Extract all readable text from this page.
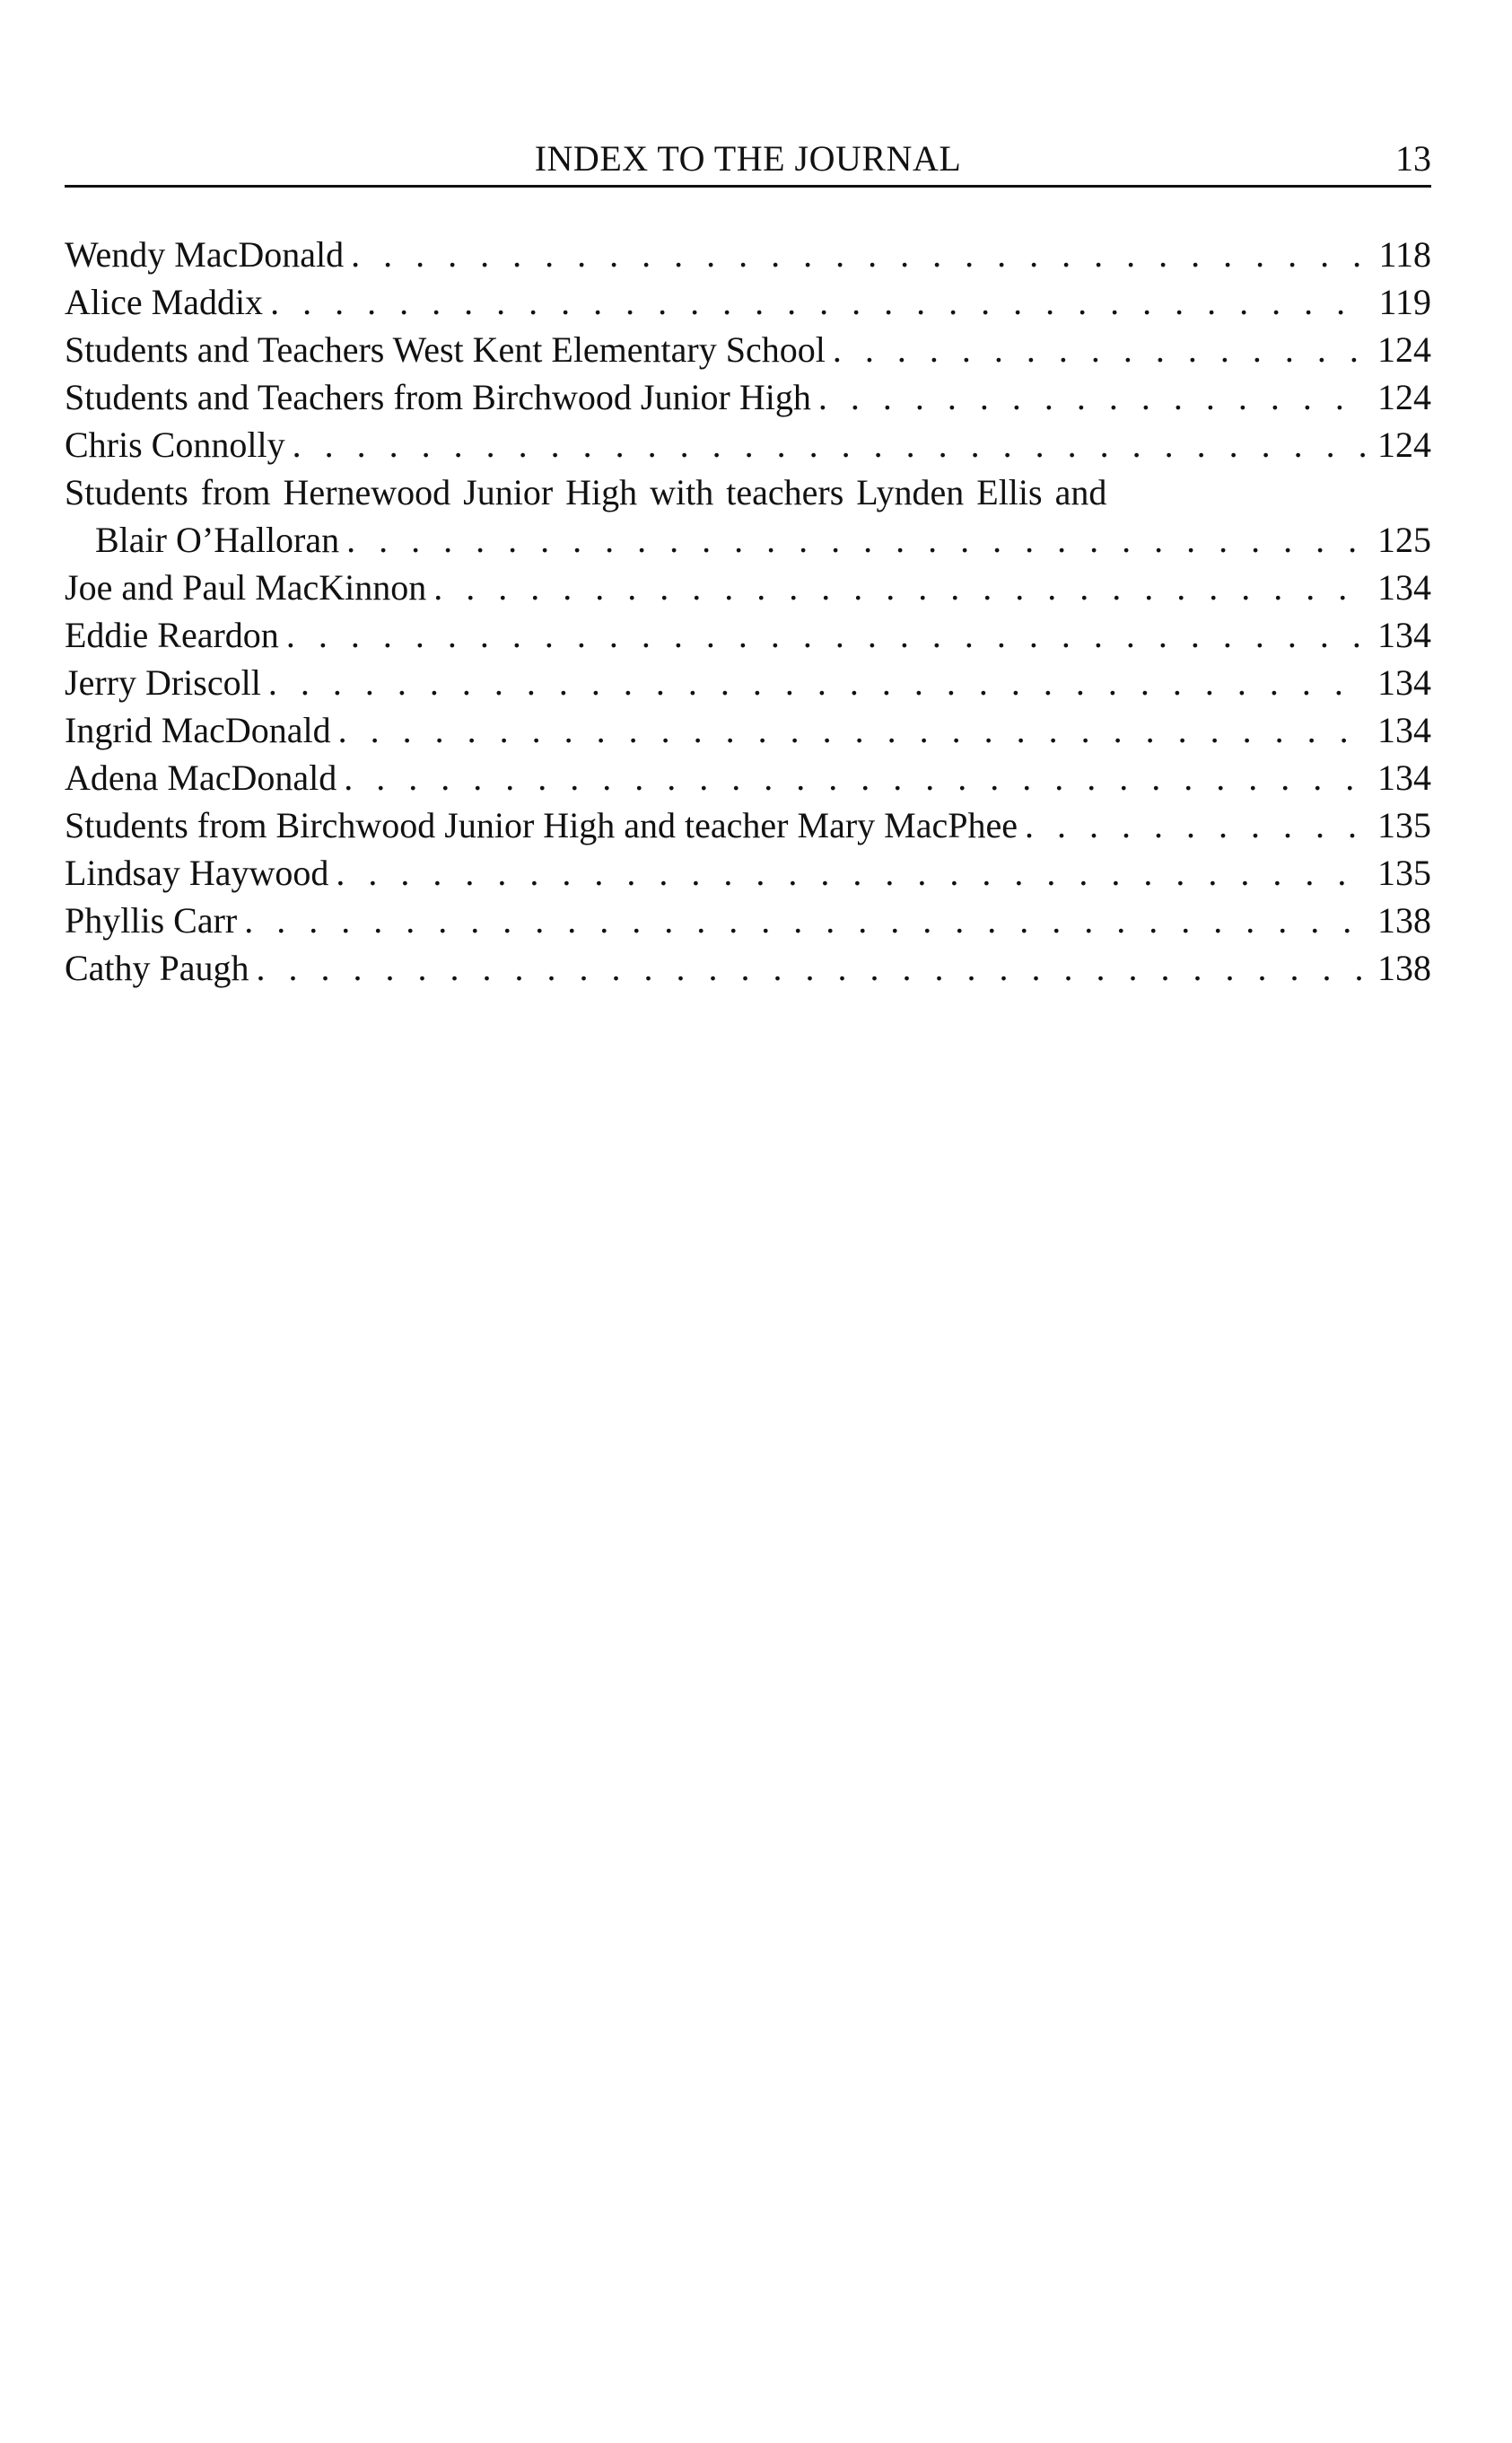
INDEX TO THE JOURNAL	13
Wendy MacDonald . . .	118
Alice Maddix . . .	119
Students and Teachers West Kent Elementary School . . .	124
Students and Teachers from Birchwood Junior High . . .	124
Chris Connolly . . .	124
Students from Hernewood Junior High with teachers Lynden Ellis and
Blair O’Halloran . . .	125
Joe and Paul MacKinnon . . .	134
Eddie Reardon . . .	134
Jerry Driscoll . . .	134
Ingrid MacDonald . . .	134
Adena MacDonald . . .	134
Students from Birchwood Junior High and teacher Mary MacPhee . . .	135
Lindsay Haywood . . .	135
Phyllis Carr . . .	138
Cathy Paugh . . .	138
